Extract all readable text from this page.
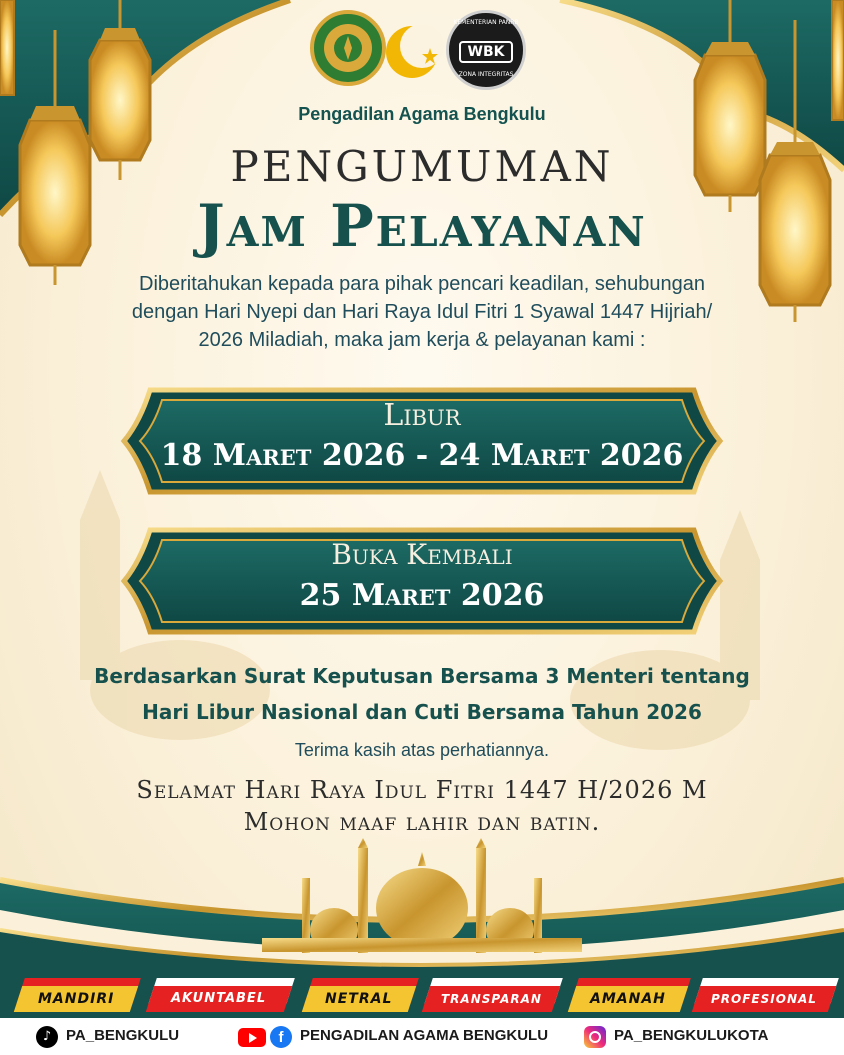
WBK
KEMENTERIAN PANRB
ZONA INTEGRITAS
Pengadilan Agama Bengkulu
PENGUMUMAN
Jam Pelayanan
Diberitahukan kepada para pihak pencari keadilan, sehubungan
dengan Hari Nyepi dan Hari Raya Idul Fitri 1 Syawal 1447 Hijriah/
2026 Miladiah, maka jam kerja & pelayanan kami :
Libur
18 Maret 2026 - 24 Maret 2026
Buka Kembali
25 Maret 2026
Berdasarkan Surat Keputusan Bersama 3 Menteri tentang
Hari Libur Nasional dan Cuti Bersama Tahun 2026
Terima kasih atas perhatiannya.
Selamat Hari Raya Idul Fitri 1447 H/2026 M
Mohon maaf lahir dan batin.
MANDIRI	AKUNTABEL	NETRAL	TRANSPARAN	AMANAH	PROFESIONAL
♪ PA_BENGKULU	f	PENGADILAN AGAMA BENGKULU	PA_BENGKULUKOTA
